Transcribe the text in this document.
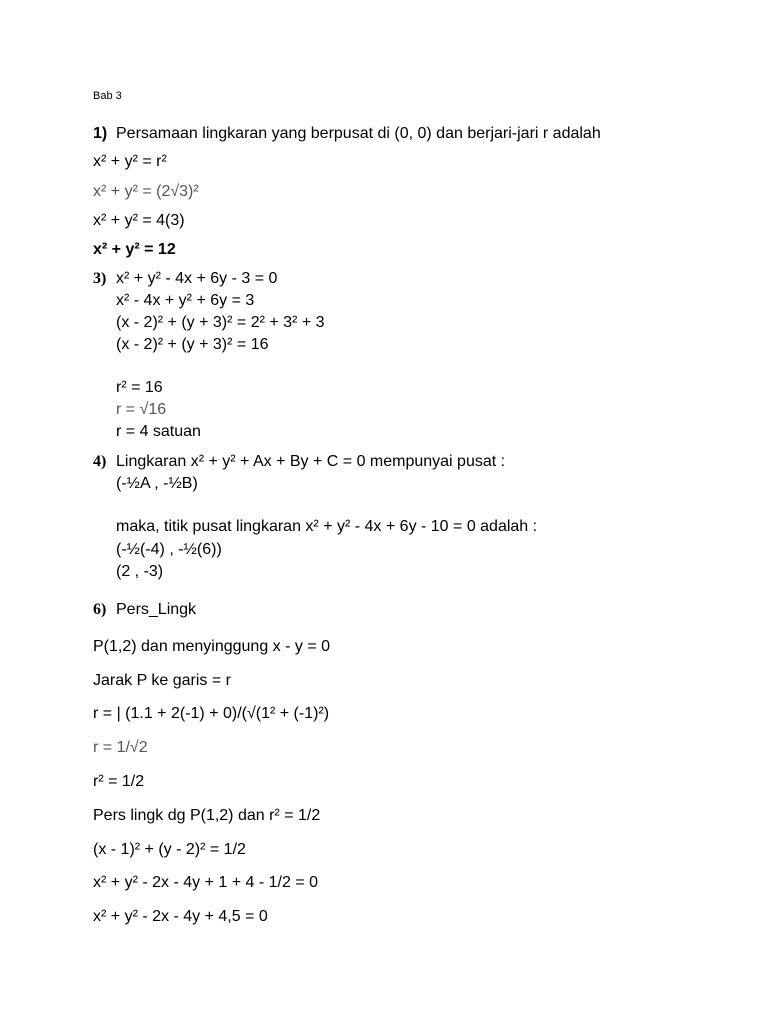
Bab 3
1) Persamaan lingkaran yang berpusat di (0, 0) dan berjari-jari r adalah
x² + y² = r²
x² + y² = (2√3)²
x² + y² = 4(3)
x² + y² = 12
3) x² + y² - 4x + 6y - 3 = 0
x² - 4x + y² + 6y = 3
(x - 2)² + (y + 3)² = 2² + 3² + 3
(x - 2)² + (y + 3)² = 16
r² = 16
r = √16
r = 4 satuan
4) Lingkaran x² + y² + Ax + By + C = 0 mempunyai pusat :
(-½A , -½B)
maka, titik pusat lingkaran x² + y² - 4x + 6y - 10 = 0 adalah :
(-½(-4) , -½(6))
(2 , -3)
6) Pers_Lingk
P(1,2) dan menyinggung x - y = 0
Jarak P ke garis = r
r = | (1.1 + 2(-1) + 0)/(√(1² + (-1)²)
r = 1/√2
r² = 1/2
Pers lingk dg P(1,2) dan r² = 1/2
(x - 1)² + (y - 2)² = 1/2
x² + y² - 2x - 4y + 1 + 4 - 1/2 = 0
x² + y² - 2x - 4y + 4,5 = 0
